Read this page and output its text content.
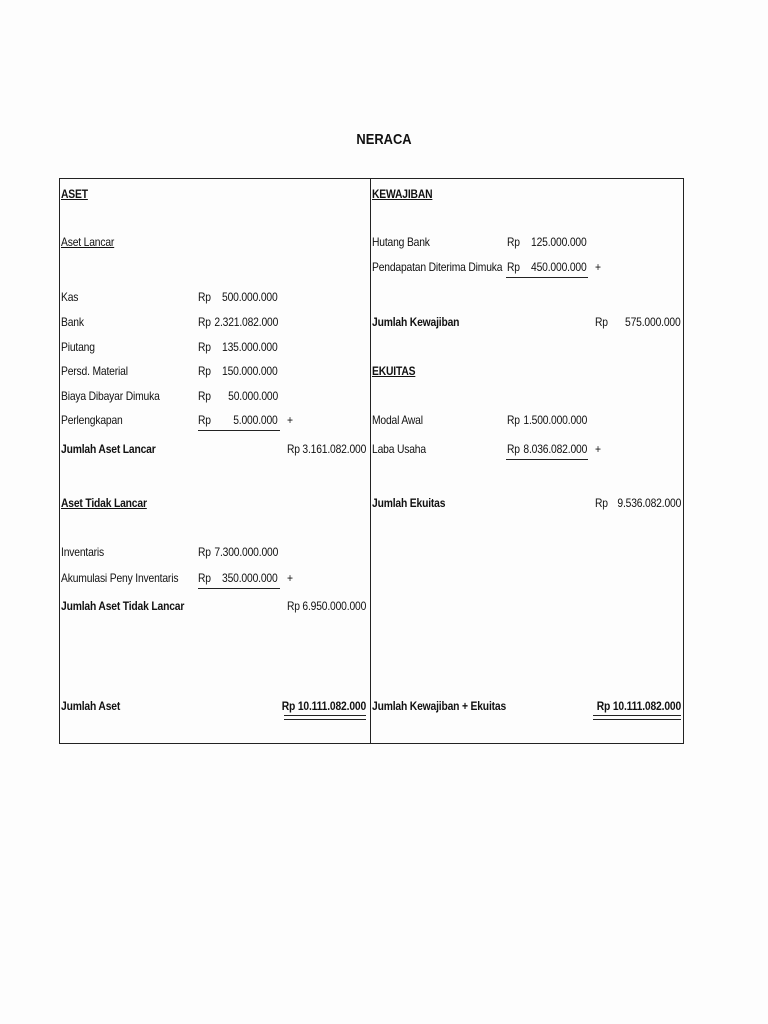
NERACA
ASET
Aset Lancar
Kas	Rp 500.000.000
Bank	Rp 2.321.082.000
Piutang	Rp 135.000.000
Persd. Material	Rp 150.000.000
Biaya Dibayar Dimuka	Rp 50.000.000
Perlengkapan	Rp 5.000.000 +
Jumlah Aset Lancar	Rp 3.161.082.000
Aset Tidak Lancar
Inventaris	Rp 7.300.000.000
Akumulasi Peny Inventaris Rp 350.000.000 +
Jumlah Aset Tidak Lancar	Rp 6.950.000.000
Jumlah Aset	Rp 10.111.082.000
KEWAJIBAN
Hutang Bank	Rp 125.000.000
Pendapatan Diterima Dimuka Rp 450.000.000 +
Jumlah Kewajiban	Rp 575.000.000
EKUITAS
Modal Awal	Rp 1.500.000.000
Laba Usaha	Rp 8.036.082.000 +
Jumlah Ekuitas	Rp 9.536.082.000
Jumlah Kewajiban + Ekuitas	Rp 10.111.082.000
